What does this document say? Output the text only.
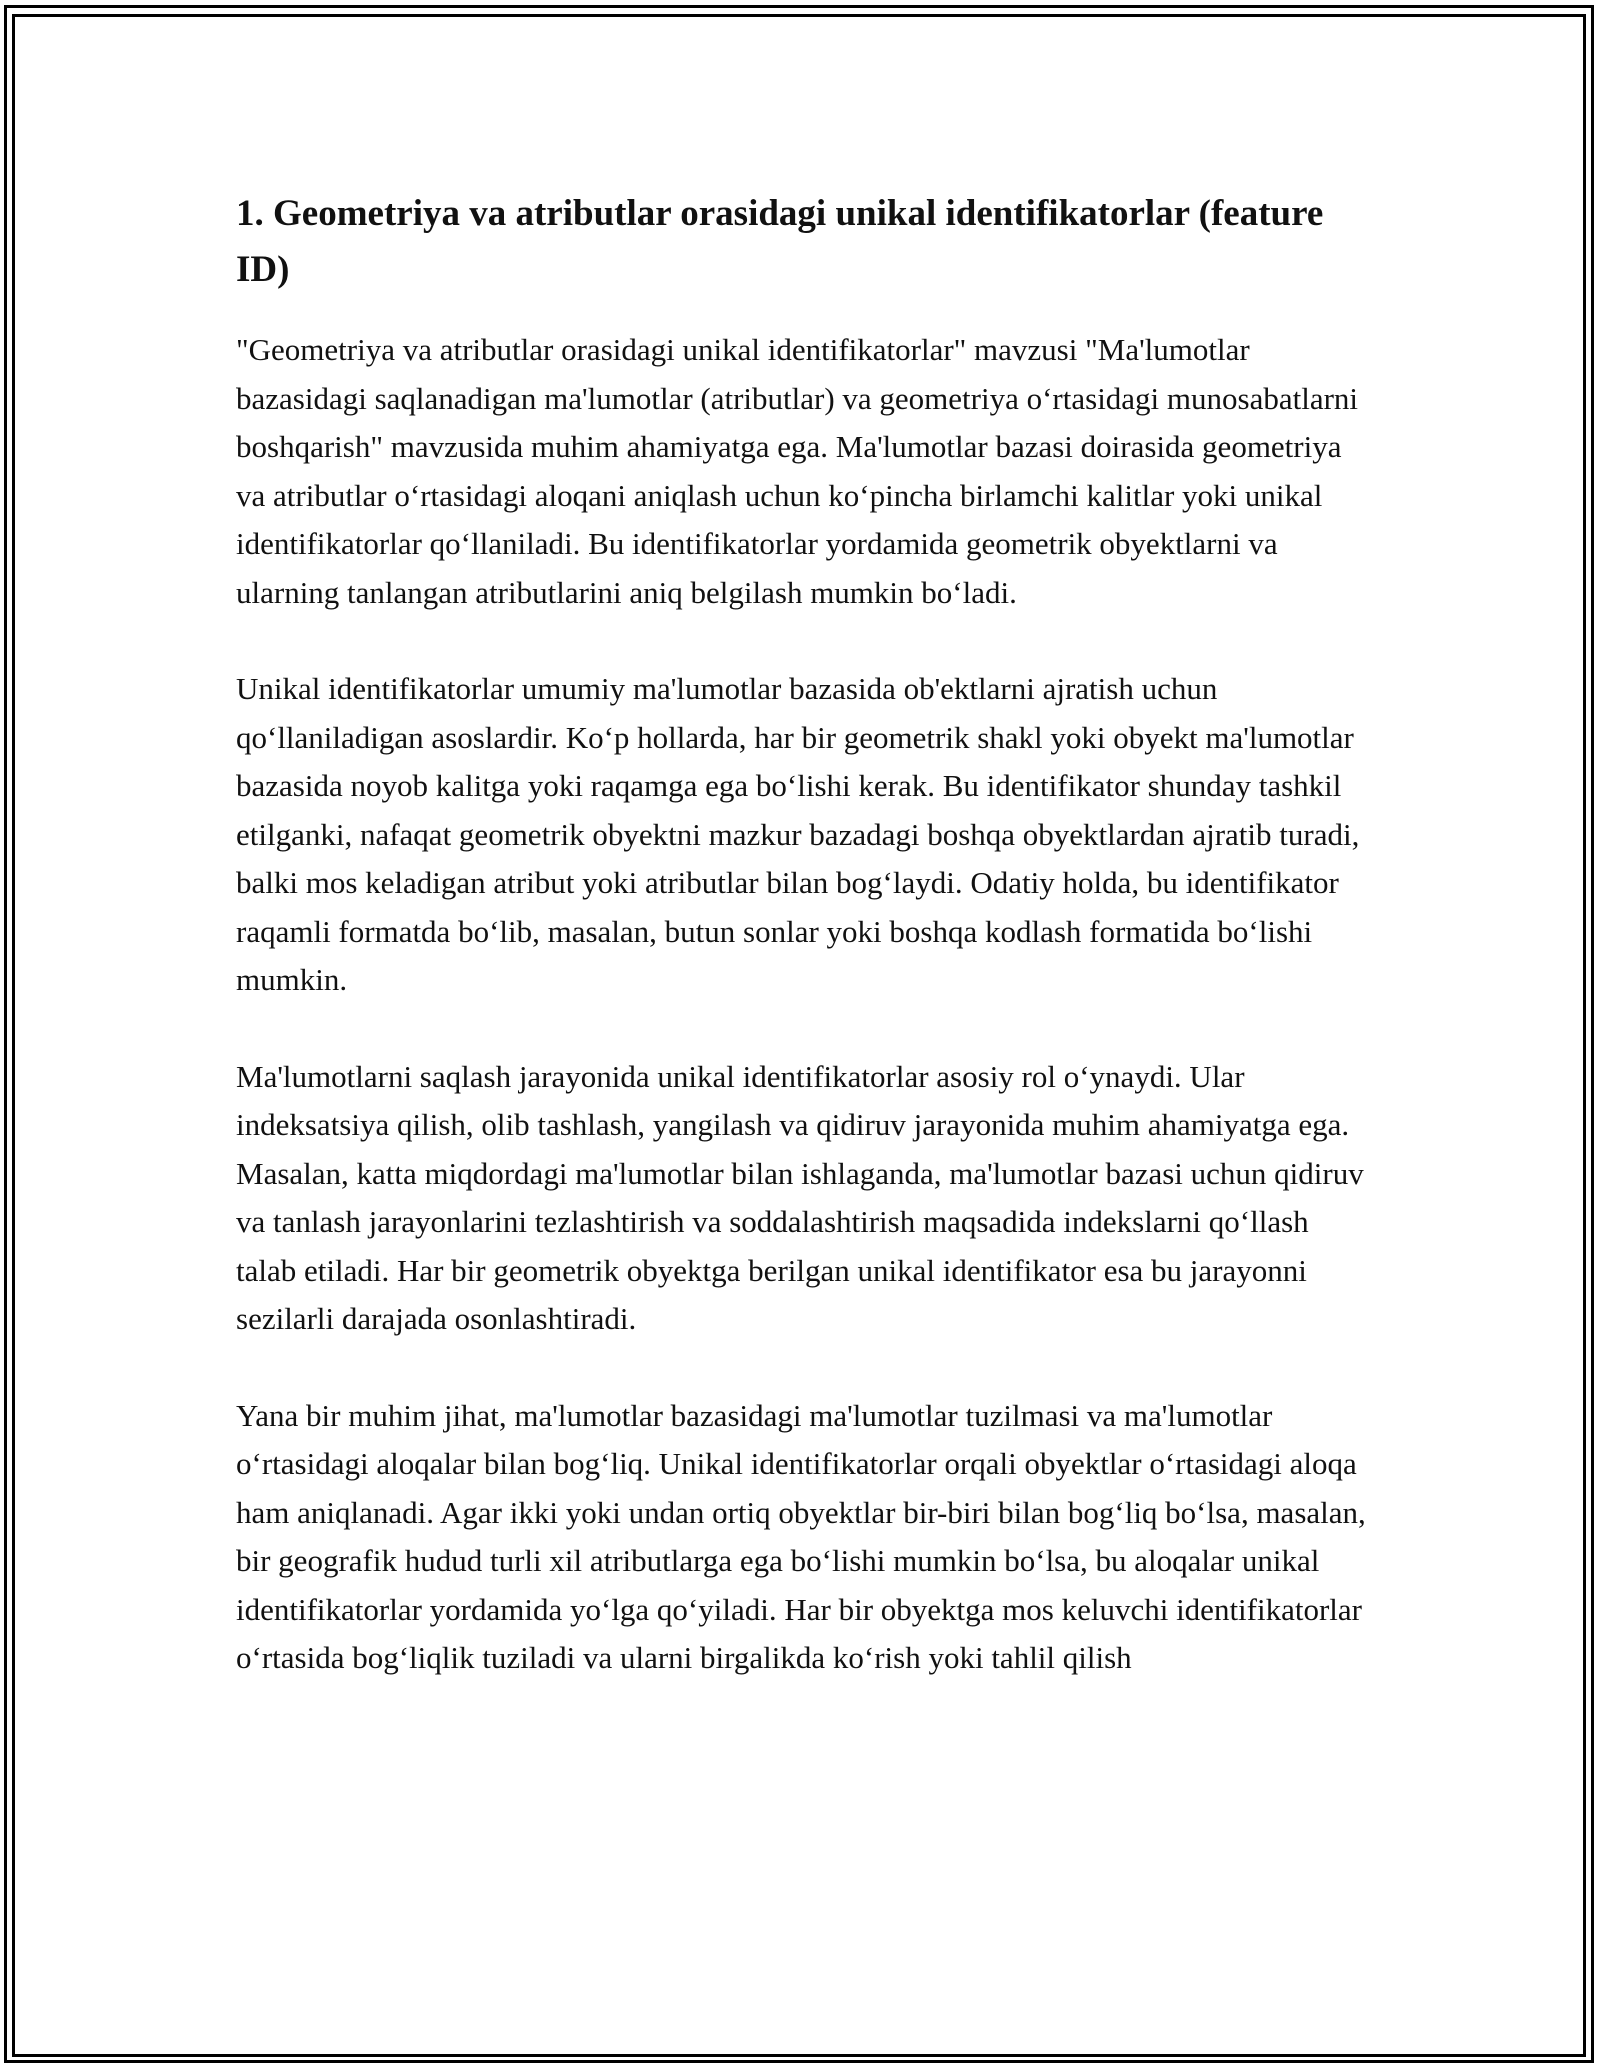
1. Geometriya va atributlar orasidagi unikal identifikatorlar (feature ID)

"Geometriya va atributlar orasidagi unikal identifikatorlar" mavzusi "Ma'lumotlar bazasidagi saqlanadigan ma'lumotlar (atributlar) va geometriya o‘rtasidagi munosabatlarni boshqarish" mavzusida muhim ahamiyatga ega. Ma'lumotlar bazasi doirasida geometriya va atributlar o‘rtasidagi aloqani aniqlash uchun ko‘pincha birlamchi kalitlar yoki unikal identifikatorlar qo‘llaniladi. Bu identifikatorlar yordamida geometrik obyektlarni va ularning tanlangan atributlarini aniq belgilash mumkin bo‘ladi.

Unikal identifikatorlar umumiy ma'lumotlar bazasida ob'ektlarni ajratish uchun qo‘llaniladigan asoslardir. Ko‘p hollarda, har bir geometrik shakl yoki obyekt ma'lumotlar bazasida noyob kalitga yoki raqamga ega bo‘lishi kerak. Bu identifikator shunday tashkil etilganki, nafaqat geometrik obyektni mazkur bazadagi boshqa obyektlardan ajratib turadi, balki mos keladigan atribut yoki atributlar bilan bog‘laydi. Odatiy holda, bu identifikator raqamli formatda bo‘lib, masalan, butun sonlar yoki boshqa kodlash formatida bo‘lishi mumkin.

Ma'lumotlarni saqlash jarayonida unikal identifikatorlar asosiy rol o‘ynaydi. Ular indeksatsiya qilish, olib tashlash, yangilash va qidiruv jarayonida muhim ahamiyatga ega. Masalan, katta miqdordagi ma'lumotlar bilan ishlaganda, ma'lumotlar bazasi uchun qidiruv va tanlash jarayonlarini tezlashtirish va soddalashtirish maqsadida indekslarni qo‘llash talab etiladi. Har bir geometrik obyektga berilgan unikal identifikator esa bu jarayonni sezilarli darajada osonlashtiradi.

Yana bir muhim jihat, ma'lumotlar bazasidagi ma'lumotlar tuzilmasi va ma'lumotlar o‘rtasidagi aloqalar bilan bog‘liq. Unikal identifikatorlar orqali obyektlar o‘rtasidagi aloqa ham aniqlanadi. Agar ikki yoki undan ortiq obyektlar bir-biri bilan bog‘liq bo‘lsa, masalan, bir geografik hudud turli xil atributlarga ega bo‘lishi mumkin bo‘lsa, bu aloqalar unikal identifikatorlar yordamida yo‘lga qo‘yiladi. Har bir obyektga mos keluvchi identifikatorlar o‘rtasida bog‘liqlik tuziladi va ularni birgalikda ko‘rish yoki tahlil qilish
